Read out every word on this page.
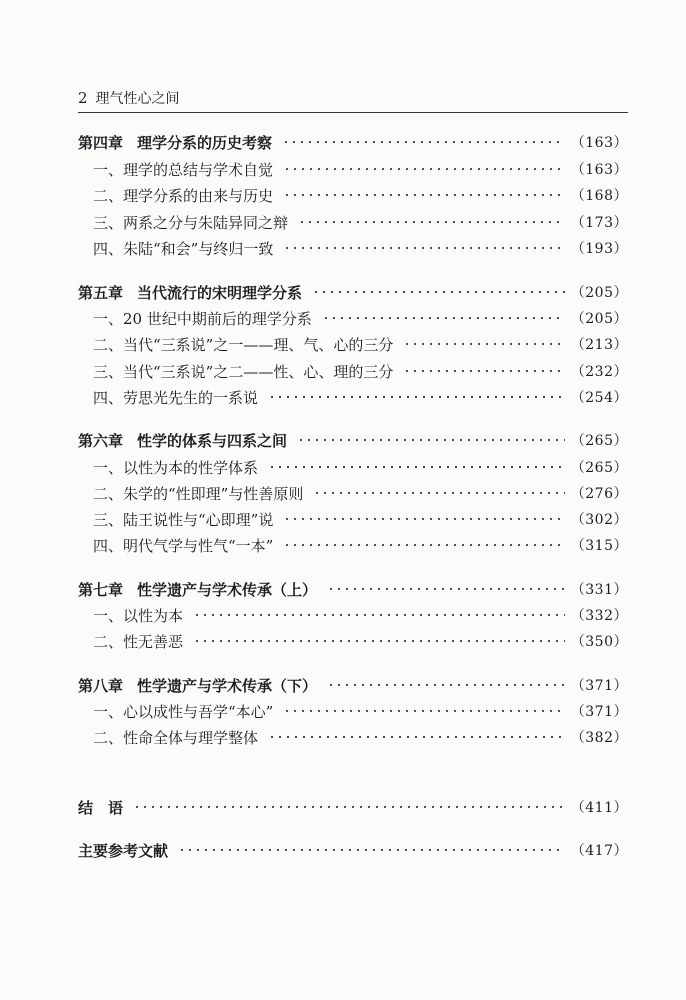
2 理气性心之间
第四章 理学分系的历史考察	（163）
一、理学的总结与学术自觉	（163）
二、理学分系的由来与历史	（168）
三、两系之分与朱陆异同之辩	（173）
四、朱陆“和会”与终归一致	（193）
第五章 当代流行的宋明理学分系	（205）
一、20 世纪中期前后的理学分系	（205）
二、当代“三系说”之一——理、气、心的三分	（213）
三、当代“三系说”之二——性、心、理的三分	（232）
四、劳思光先生的一系说	（254）
第六章 性学的体系与四系之间	（265）
一、以性为本的性学体系	（265）
二、朱学的“性即理”与性善原则	（276）
三、陆王说性与“心即理”说	（302）
四、明代气学与性气“一本”	（315）
第七章 性学遗产与学术传承（上）	（331）
一、以性为本	（332）
二、性无善恶	（350）
第八章 性学遗产与学术传承（下）	（371）
一、心以成性与吾学“本心”	（371）
二、性命全体与理学整体	（382）
结　语	（411）
主要参考文献	（417）
